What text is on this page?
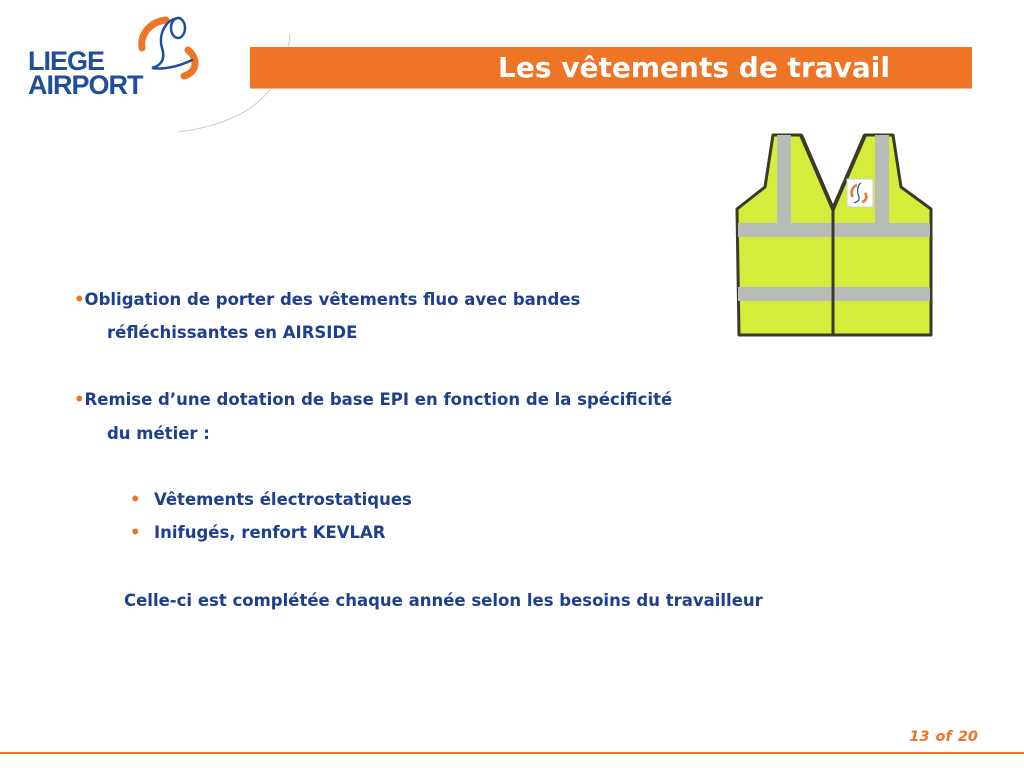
LIEGE
AIRPORT
Les vêtements de travail
•Obligation de porter des vêtements fluo avec bandes
réfléchissantes en AIRSIDE
•Remise d’une dotation de base EPI en fonction de la spécificité
du métier :
• Vêtements électrostatiques
• Inifugés, renfort KEVLAR
Celle-ci est complétée chaque année selon les besoins du travailleur
13 of 20
